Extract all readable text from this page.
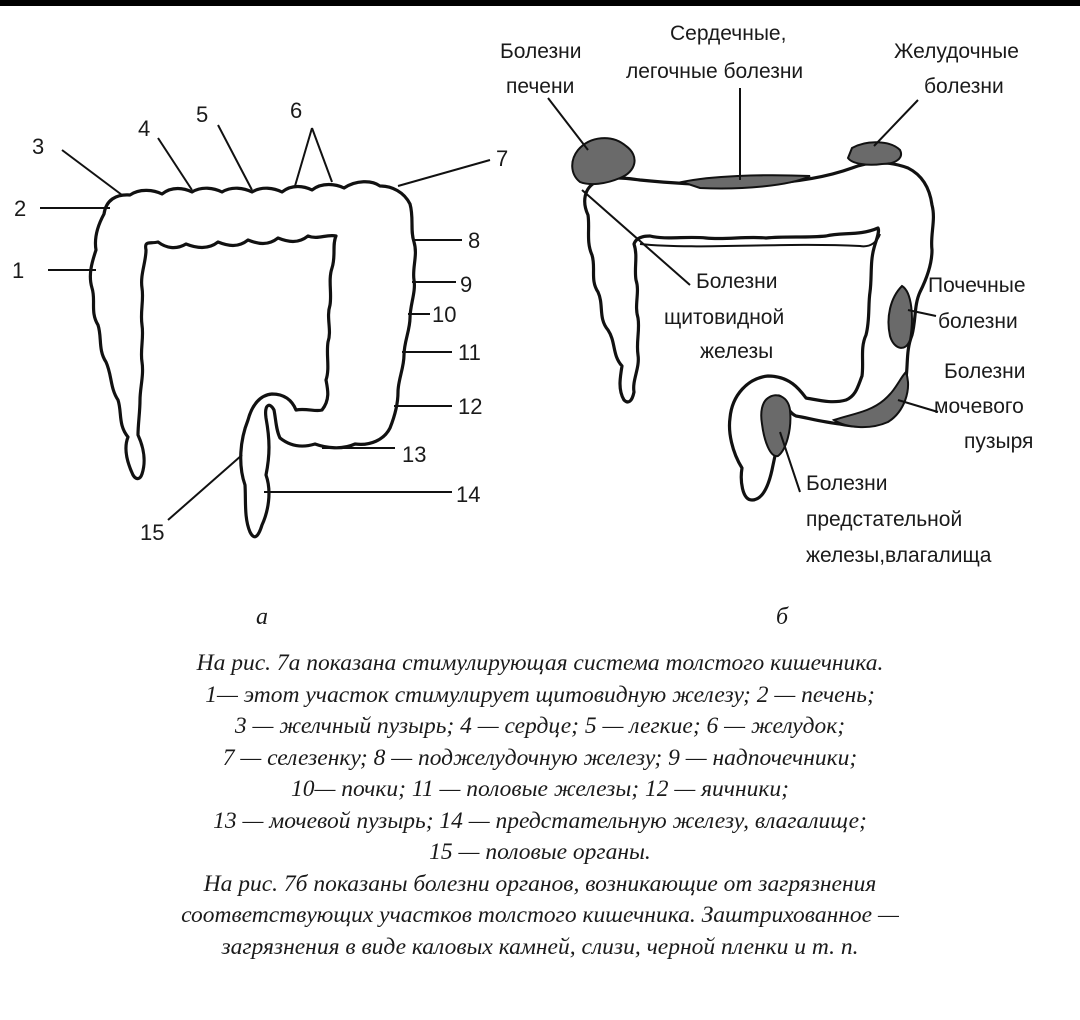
1
2
3
4
5	6
7
8
9
10
11
12
13
14
15
а
Болезни
печени
Сердечные,
легочные болезни
Желудочные
болезни
Болезни
щитовидной
железы
Почечные
болезни
Болезни
мочевого
пузыря
Болезни
предстательной
железы,влагалища
б
На рис. 7а показана стимулирующая система толстого кишечника.
1— этот участок стимулирует щитовидную железу; 2 — печень;
3 — желчный пузырь; 4 — сердце; 5 — легкие; 6 — желудок;
7 — селезенку; 8 — поджелудочную железу; 9 — надпочечники;
10— почки; 11 — половые железы; 12 — яичники;
13 — мочевой пузырь; 14 — предстательную железу, влагалище;
15 — половые органы.
На рис. 7б показаны болезни органов, возникающие от загрязнения
соответствующих участков толстого кишечника. Заштрихованное —
загрязнения в виде каловых камней, слизи, черной пленки и т. п.
